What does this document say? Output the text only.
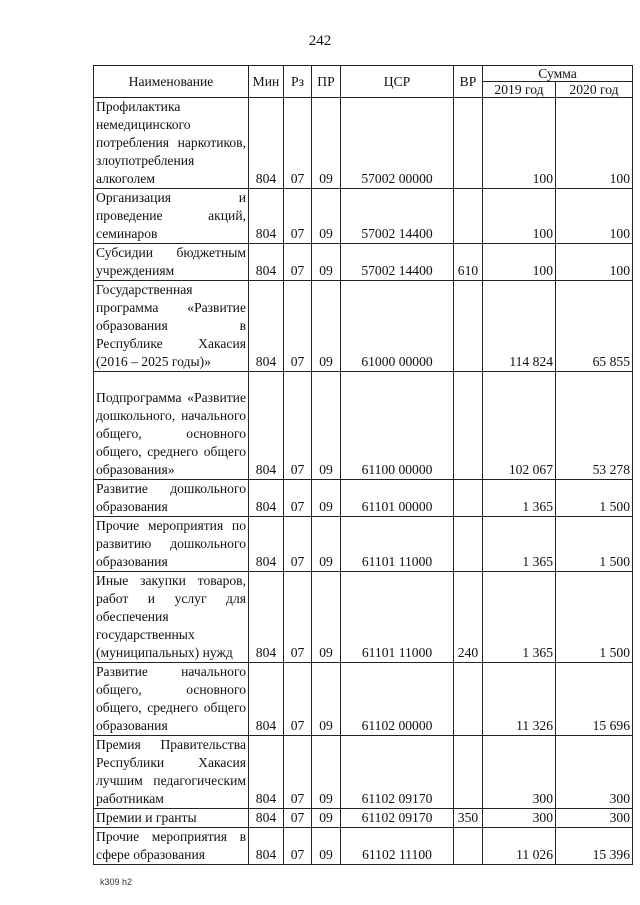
242
Наименование	Мин	Рз	ПР	ЦСР	ВР	Сумма	
						2019 год	2020 год
Профилактика немедицинского потребления наркотиков, злоупотребления алкоголем	804	07	09	57002 00000		100	100
Организация и проведение акций, семинаров	804	07	09	57002 14400		100	100
Субсидии бюджетным учреждениям	804	07	09	57002 14400	610	100	100
Государственная программа «Развитие образования в Республике Хакасия (2016 – 2025 годы)»	804	07	09	61000 00000		114 824	65 855
Подпрограмма «Развитие дошкольного, начального общего, основного общего, среднего общего образования»	804	07	09	61100 00000		102 067	53 278
Развитие дошкольного образования	804	07	09	61101 00000		1 365	1 500
Прочие мероприятия по развитию дошкольного образования	804	07	09	61101 11000		1 365	1 500
Иные закупки товаров, работ и услуг для обеспечения государственных (муниципальных) нужд	804	07	09	61101 11000	240	1 365	1 500
Развитие начального общего, основного общего, среднего общего образования	804	07	09	61102 00000		11 326	15 696
Премия Правительства Республики Хакасия лучшим педагогическим работникам	804	07	09	61102 09170		300	300
Премии и гранты	804	07	09	61102 09170	350	300	300
Прочие мероприятия в сфере образования	804	07	09	61102 11100		11 026	15 396
k309 h2
